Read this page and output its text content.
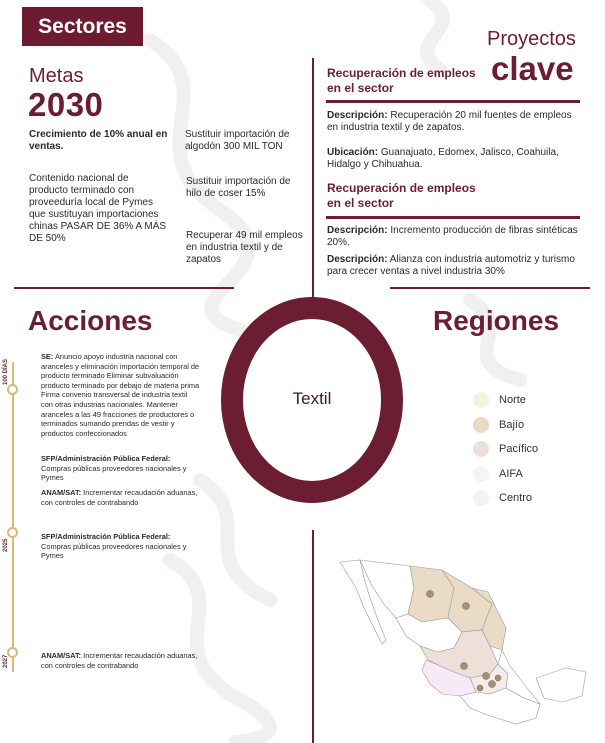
Sectores
Metas
2030
Crecimiento de 10% anual en ventas.
Contenido nacional de producto terminado con proveeduría local de Pymes que sustituyan importaciones chinas PASAR DE 36% A MÁS DE 50%
Sustituir importación de algodón 300 MIL TON
Sustituir importación de hilo de coser 15%
Recuperar 49 mil empleos en industria textil y de zapatos
Proyectos
clave
Recuperación de empleos en el sector
Descripción: Recuperación 20 mil fuentes de empleos en industria textil y de zapatos.
Ubicación: Guanajuato, Edomex, Jalisco, Coahuila, Hidalgo y Chihuahua.
Recuperación de empleos en el sector
Descripción: Incremento producción de fibras sintéticas 20%.
Descripción: Alianza con industria automotriz y turismo para crecer ventas a nivel industria 30%
Textil
Acciones
100 DÍAS
2025
2027
SE: Anuncio apoyo industria nacional con aranceles y eliminación importación temporal de producto terminado Eliminar subvaluación producto terminado por debajo de materia prima Firma convenio transversal de industria textil con otras industrias nacionales. Mantener aranceles a las 49 fracciones de productores o terminados sumando prendas de vestir y productos confeccionados
SFP/Administración Pública Federal: Compras públicas proveedores nacionales y Pymes
ANAM/SAT: Incrementar recaudación aduanas, con controles de contrabando
SFP/Administración Pública Federal: Compras públicas proveedores nacionales y Pymes
ANAM/SAT: Incrementar recaudación aduanas, con controles de contrabando
Regiones
Norte
Bajío
Pacífico
AIFA
Centro
